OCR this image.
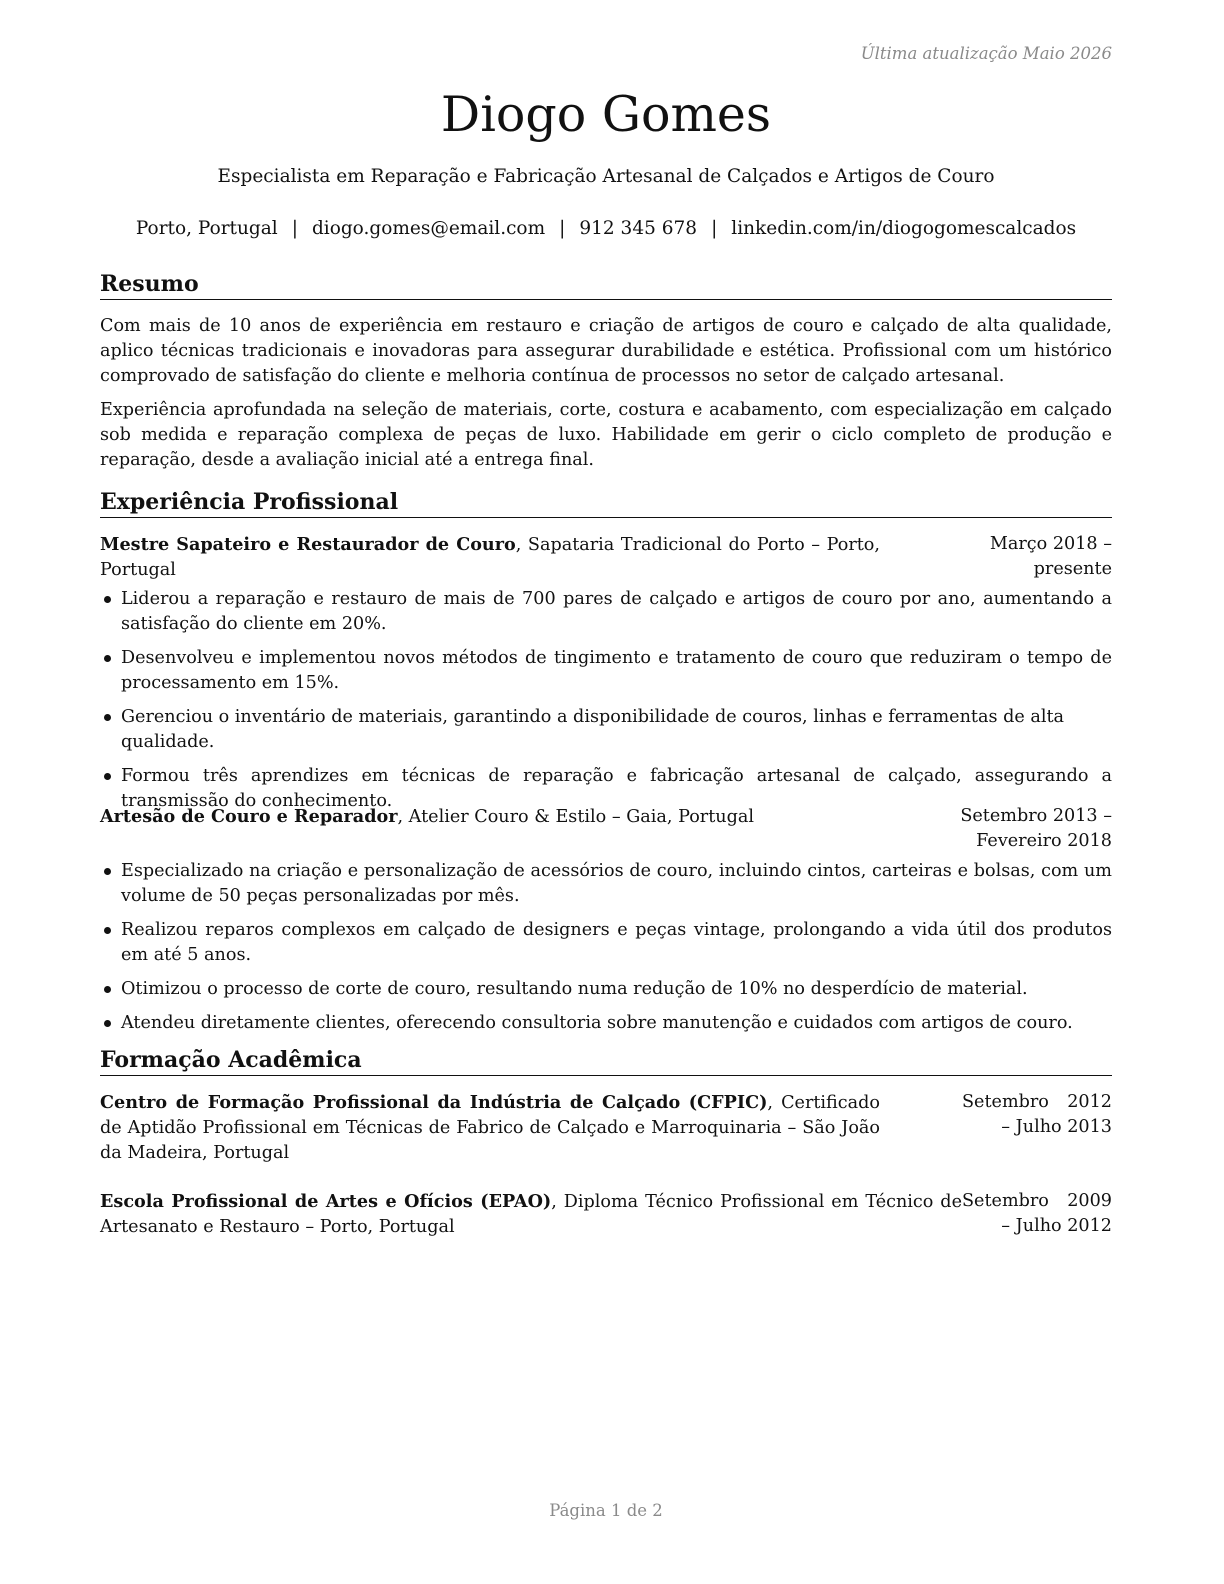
Última atualização Maio 2026
Diogo Gomes
Especialista em Reparação e Fabricação Artesanal de Calçados e Artigos de Couro
Porto, Portugal | diogo.gomes@email.com | 912 345 678 | linkedin.com/in/diogogomescalcados
Resumo

Com mais de 10 anos de experiência em restauro e criação de artigos de couro e calçado de alta qualidade, aplico técnicas tradicionais e inovadoras para assegurar durabilidade e estética. Profissional com um histórico comprovado de satisfação do cliente e melhoria contínua de processos no setor de calçado artesanal.

Experiência aprofundada na seleção de materiais, corte, costura e acabamento, com especialização em calçado sob medida e reparação complexa de peças de luxo. Habilidade em gerir o ciclo completo de produção e reparação, desde a avaliação inicial até a entrega final.

Experiência Profissional
Mestre Sapateiro e Restaurador de Couro, Sapataria Tradicional do Porto – Porto, Portugal
Março 2018 – presente
Liderou a reparação e restauro de mais de 700 pares de calçado e artigos de couro por ano, aumentando a satisfação do cliente em 20%.
Desenvolveu e implementou novos métodos de tingimento e tratamento de couro que reduziram o tempo de processamento em 15%.
Gerenciou o inventário de materiais, garantindo a disponibilidade de couros, linhas e ferramentas de alta qualidade.
Formou três aprendizes em técnicas de reparação e fabricação artesanal de calçado, assegurando a transmissão do conhecimento.
Artesão de Couro e Reparador, Atelier Couro & Estilo – Gaia, Portugal	Setembro 2013 – Fevereiro 2018
Especializado na criação e personalização de acessórios de couro, incluindo cintos, carteiras e bolsas, com um volume de 50 peças personalizadas por mês.
Realizou reparos complexos em calçado de designers e peças vintage, prolongando a vida útil dos produtos em até 5 anos.
Otimizou o processo de corte de couro, resultando numa redução de 10% no desperdício de material.
Atendeu diretamente clientes, oferecendo consultoria sobre manutenção e cuidados com artigos de couro.
Formação Acadêmica
Centro de Formação Profissional da Indústria de Calçado (CFPIC), Certificado de Aptidão Profissional em Técnicas de Fabrico de Calçado e Marroquinaria – São João da Madeira, Portugal
Setembro 2012 – Julho 2013
Escola Profissional de Artes e Ofícios (EPAO), Diploma Técnico Profissional em Técnico de Artesanato e Restauro – Porto, Portugal
Setembro 2009 – Julho 2012
Página 1 de 2
